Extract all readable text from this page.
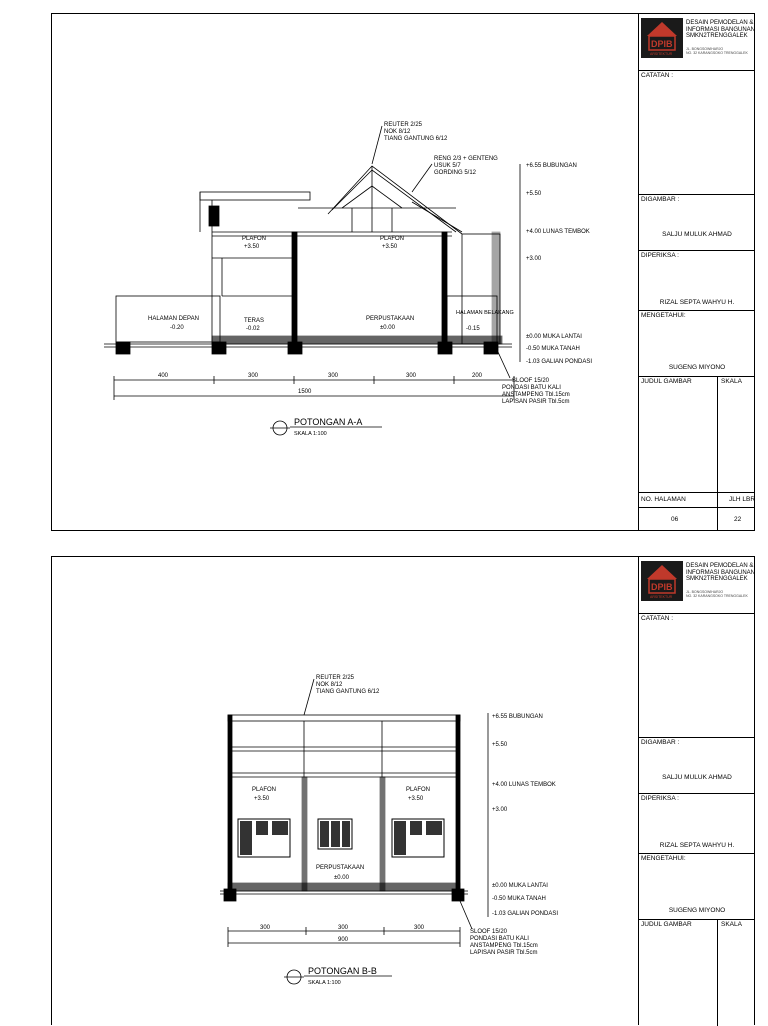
REUTER 2/25
NOK 8/12
TIANG GANTUNG 6/12
RENG 2/3 + GENTENG
USUK 5/7
GORDING 5/12
PLAFON
+3.50
PLAFON
+3.50
HALAMAN DEPAN
-0.20
TERAS
-0.02
PERPUSTAKAAN
±0.00
HALAMAN BELAKANG
-0.15
+6.55 BUBUNGAN
+5.50
+4.00 LUNAS TEMBOK
+3.00
±0.00 MUKA LANTAI
-0.50 MUKA TANAH
-1.03 GALIAN PONDASI
400	300	300	300	200
1500
SLOOF 15/20
PONDASI BATU KALI
ANSTAMPENG Tbl.15cm
LAPISAN PASIR Tbl.5cm
POTONGAN A-A
SKALA 1:100
DPIB
ARSITEKTUR
DESAIN PEMODELAN &
INFORMASI BANGUNAN
SMKN2TRENGGALEK
JL. BONGSOWIHARJO
NO. 32 KARANGSOKO TRENGGALEK
CATATAN :
DIGAMBAR :
SALJU MULUK AHMAD
DIPERIKSA :
RIZAL SEPTA WAHYU H.
MENGETAHUI:
SUGENG MIYONO
JUDUL GAMBAR	SKALA
NO. HALAMAN	JLH LBR
06	22
REUTER 2/25
NOK 8/12
TIANG GANTUNG 6/12
PLAFON
+3.50
PLAFON
+3.50
PERPUSTAKAAN
±0.00
+6.55 BUBUNGAN
+5.50
+4.00 LUNAS TEMBOK
+3.00
±0.00 MUKA LANTAI
-0.50 MUKA TANAH
-1.03 GALIAN PONDASI
300	300	300
900
SLOOF 15/20
PONDASI BATU KALI
ANSTAMPENG Tbl.15cm
LAPISAN PASIR Tbl.5cm
POTONGAN B-B
SKALA 1:100
DPIB
ARSITEKTUR
DESAIN PEMODELAN &
INFORMASI BANGUNAN
SMKN2TRENGGALEK
JL. BONGSOWIHARJO
NO. 32 KARANGSOKO TRENGGALEK
CATATAN :
DIGAMBAR :
SALJU MULUK AHMAD
DIPERIKSA :
RIZAL SEPTA WAHYU H.
MENGETAHUI:
SUGENG MIYONO
JUDUL GAMBAR	SKALA
